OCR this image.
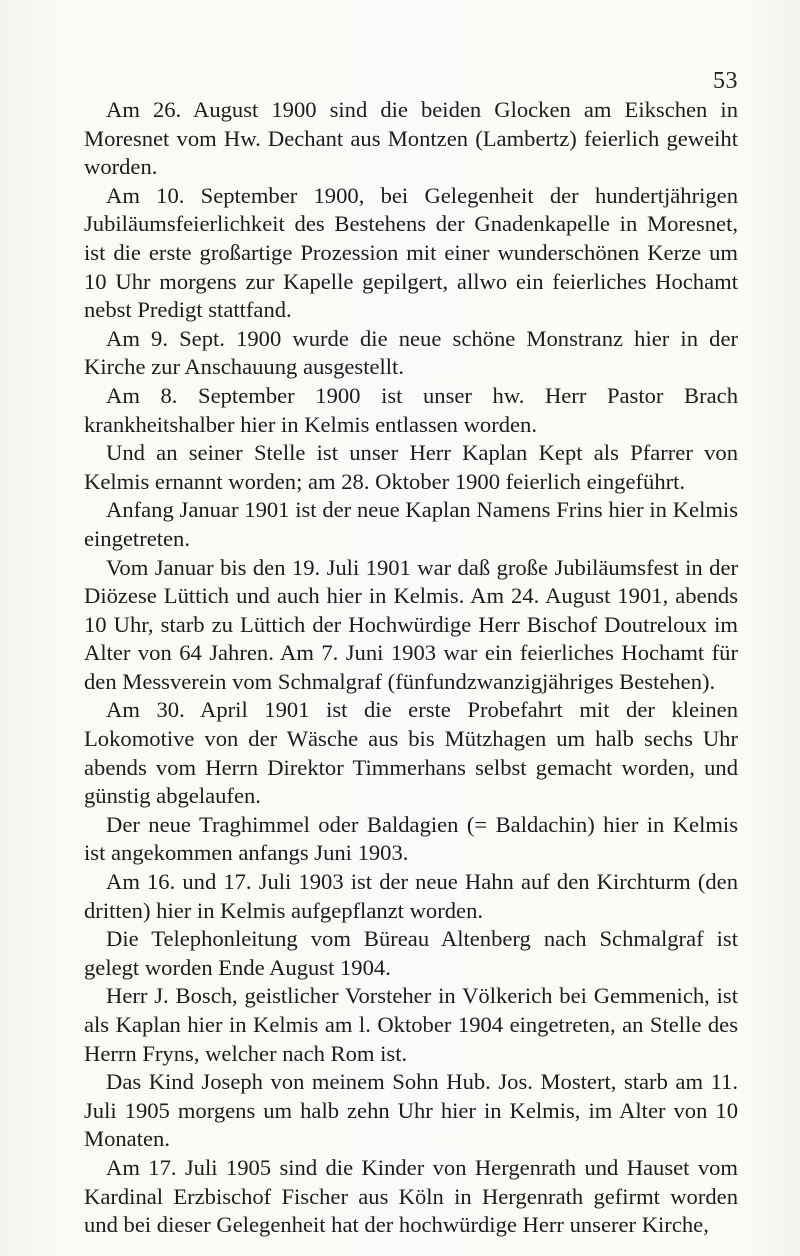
53

Am 26. August 1900 sind die beiden Glocken am Eikschen in Moresnet vom Hw. Dechant aus Montzen (Lambertz) feierlich geweiht worden.

Am 10. September 1900, bei Gelegenheit der hundertjährigen Jubiläumsfeierlichkeit des Bestehens der Gnadenkapelle in Moresnet, ist die erste großartige Prozession mit einer wunderschönen Kerze um 10 Uhr morgens zur Kapelle gepilgert, allwo ein feierliches Hochamt nebst Predigt stattfand.

Am 9. Sept. 1900 wurde die neue schöne Monstranz hier in der Kirche zur Anschauung ausgestellt.

Am 8. September 1900 ist unser hw. Herr Pastor Brach krankheitshalber hier in Kelmis entlassen worden.

Und an seiner Stelle ist unser Herr Kaplan Kept als Pfarrer von Kelmis ernannt worden; am 28. Oktober 1900 feierlich eingeführt.

Anfang Januar 1901 ist der neue Kaplan Namens Frins hier in Kelmis eingetreten.

Vom Januar bis den 19. Juli 1901 war daß große Jubiläumsfest in der Diözese Lüttich und auch hier in Kelmis. Am 24. August 1901, abends 10 Uhr, starb zu Lüttich der Hochwürdige Herr Bischof Doutreloux im Alter von 64 Jahren. Am 7. Juni 1903 war ein feierliches Hochamt für den Messverein vom Schmalgraf (fünfundzwanzigjähriges Bestehen).

Am 30. April 1901 ist die erste Probefahrt mit der kleinen Lokomotive von der Wäsche aus bis Mützhagen um halb sechs Uhr abends vom Herrn Direktor Timmerhans selbst gemacht worden, und günstig abgelaufen.

Der neue Traghimmel oder Baldagien (= Baldachin) hier in Kelmis ist angekommen anfangs Juni 1903.

Am 16. und 17. Juli 1903 ist der neue Hahn auf den Kirchturm (den dritten) hier in Kelmis aufgepflanzt worden.

Die Telephonleitung vom Büreau Altenberg nach Schmalgraf ist gelegt worden Ende August 1904.

Herr J. Bosch, geistlicher Vorsteher in Völkerich bei Gemmenich, ist als Kaplan hier in Kelmis am l. Oktober 1904 eingetreten, an Stelle des Herrn Fryns, welcher nach Rom ist.

Das Kind Joseph von meinem Sohn Hub. Jos. Mostert, starb am 11. Juli 1905 morgens um halb zehn Uhr hier in Kelmis, im Alter von 10 Monaten.

Am 17. Juli 1905 sind die Kinder von Hergenrath und Hauset vom Kardinal Erzbischof Fischer aus Köln in Hergenrath gefirmt worden und bei dieser Gelegenheit hat der hochwürdige Herr unserer Kirche,
